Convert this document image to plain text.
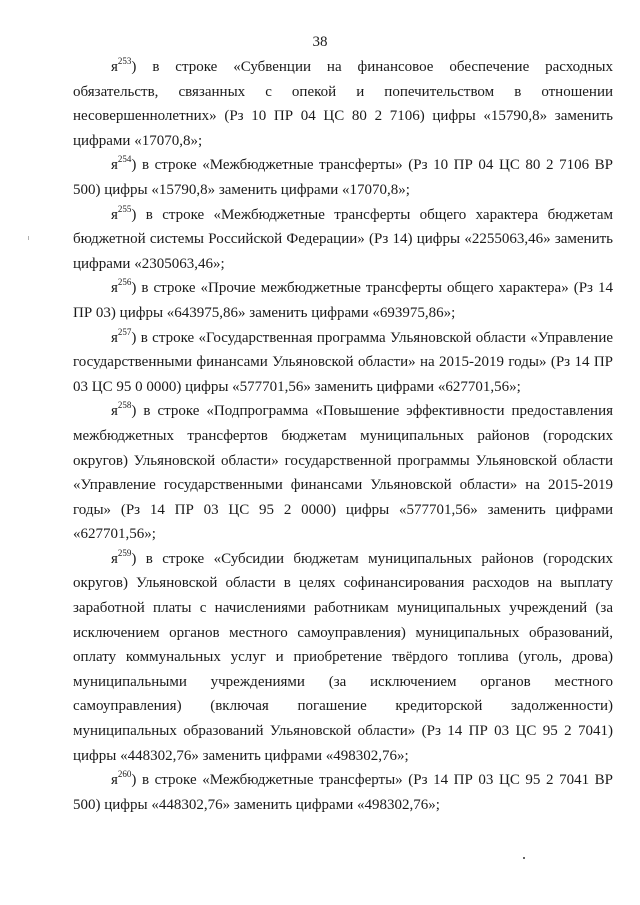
38

$я^{253}$) в строке «Субвенции на финансовое обеспечение расходных обязательств, связанных с опекой и попечительством в отношении несовершеннолетних» (Рз 10 ПР 04 ЦС 80 2 7106) цифры «15790,8» заменить цифрами «17070,8»;

$я^{254}$) в строке «Межбюджетные трансферты» (Рз 10 ПР 04 ЦС 80 2 7106 ВР 500) цифры «15790,8» заменить цифрами «17070,8»;

$я^{255}$) в строке «Межбюджетные трансферты общего характера бюджетам бюджетной системы Российской Федерации» (Рз 14) цифры «2255063,46» заменить цифрами «2305063,46»;

$я^{256}$) в строке «Прочие межбюджетные трансферты общего характера» (Рз 14 ПР 03) цифры «643975,86» заменить цифрами «693975,86»;

$я^{257}$) в строке «Государственная программа Ульяновской области «Управление государственными финансами Ульяновской области» на 2015-2019 годы» (Рз 14 ПР 03 ЦС 95 0 0000) цифры «577701,56» заменить цифрами «627701,56»;

$я^{258}$) в строке «Подпрограмма «Повышение эффективности предоставления межбюджетных трансфертов бюджетам муниципальных районов (городских округов) Ульяновской области» государственной программы Ульяновской области «Управление государственными финансами Ульяновской области» на 2015-2019 годы» (Рз 14 ПР 03 ЦС 95 2 0000) цифры «577701,56» заменить цифрами «627701,56»;

$я^{259}$) в строке «Субсидии бюджетам муниципальных районов (городских округов) Ульяновской области в целях софинансирования расходов на выплату заработной платы с начислениями работникам муниципальных учреждений (за исключением органов местного самоуправления) муниципальных образований, оплату коммунальных услуг и приобретение твёрдого топлива (уголь, дрова) муниципальными учреждениями (за исключением органов местного самоуправления) (включая погашение кредиторской задолженности) муниципальных образований Ульяновской области» (Рз 14 ПР 03 ЦС 95 2 7041) цифры «448302,76» заменить цифрами «498302,76»;

$я^{260}$) в строке «Межбюджетные трансферты» (Рз 14 ПР 03 ЦС 95 2 7041 ВР 500) цифры «448302,76» заменить цифрами «498302,76»;
